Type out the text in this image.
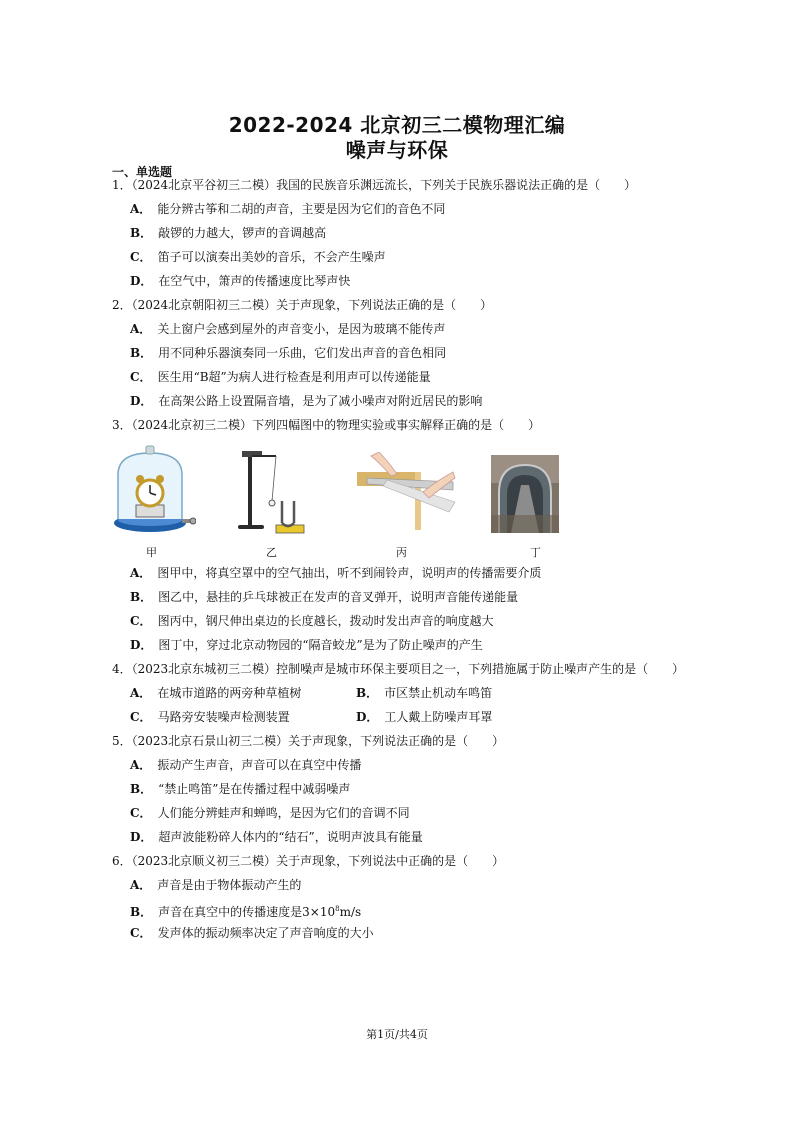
2022-2024 北京初三二模物理汇编
噪声与环保
一、单选题
1．（2024北京平谷初三二模）我国的民族音乐渊远流长，下列关于民族乐器说法正确的是（　　）
A． 能分辨古筝和二胡的声音，主要是因为它们的音色不同
B． 敲锣的力越大，锣声的音调越高
C． 笛子可以演奏出美妙的音乐，不会产生噪声
D． 在空气中，箫声的传播速度比琴声快
2．（2024北京朝阳初三二模）关于声现象，下列说法正确的是（　　）
A． 关上窗户会感到屋外的声音变小，是因为玻璃不能传声
B． 用不同种乐器演奏同一乐曲，它们发出声音的音色相同
C． 医生用“B超”为病人进行检查是利用声可以传递能量
D． 在高架公路上设置隔音墙，是为了减小噪声对附近居民的影响
3．（2024北京初三二模）下列四幅图中的物理实验或事实解释正确的是（　　）
甲	乙	丙	丁
A． 图甲中，将真空罩中的空气抽出，听不到闹铃声，说明声的传播需要介质
B． 图乙中，悬挂的乒乓球被正在发声的音叉弹开，说明声音能传递能量
C． 图丙中，钢尺伸出桌边的长度越长，拨动时发出声音的响度越大
D． 图丁中，穿过北京动物园的“隔音蛟龙”是为了防止噪声的产生
4．（2023北京东城初三二模）控制噪声是城市环保主要项目之一，下列措施属于防止噪声产生的是（　　）
A． 在城市道路的两旁种草植树	B． 市区禁止机动车鸣笛
C． 马路旁安装噪声检测装置	D． 工人戴上防噪声耳罩
5．（2023北京石景山初三二模）关于声现象，下列说法正确的是（　　）
A． 振动产生声音，声音可以在真空中传播
B． “禁止鸣笛”是在传播过程中减弱噪声
C． 人们能分辨蛙声和蝉鸣，是因为它们的音调不同
D． 超声波能粉碎人体内的“结石”，说明声波具有能量
6．（2023北京顺义初三二模）关于声现象，下列说法中正确的是（　　）
A． 声音是由于物体振动产生的
B． 声音在真空中的传播速度是$3\times 10^8m/s$
C． 发声体的振动频率决定了声音响度的大小
第1页/共4页
